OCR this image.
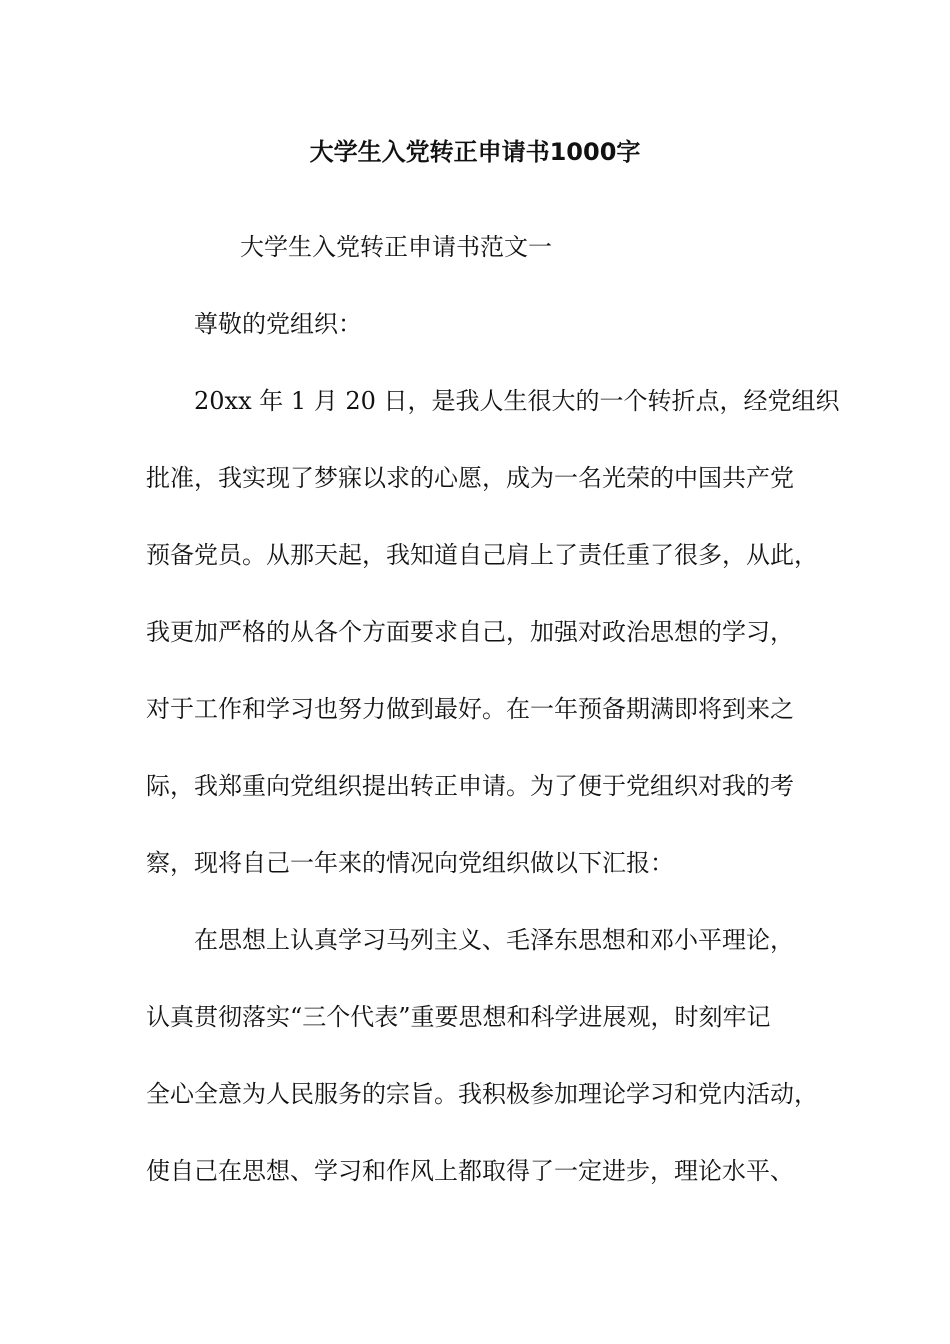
大学生入党转正申请书1000字
大学生入党转正申请书范文一
尊敬的党组织：
20xx 年 1 月 20 日，是我人生很大的一个转折点，经党组织
批准，我实现了梦寐以求的心愿，成为一名光荣的中国共产党
预备党员。从那天起，我知道自己肩上了责任重了很多，从此，
我更加严格的从各个方面要求自己，加强对政治思想的学习，
对于工作和学习也努力做到最好。在一年预备期满即将到来之
际，我郑重向党组织提出转正申请。为了便于党组织对我的考
察，现将自己一年来的情况向党组织做以下汇报：
在思想上认真学习马列主义、毛泽东思想和邓小平理论，
认真贯彻落实“三个代表”重要思想和科学进展观，时刻牢记
全心全意为人民服务的宗旨。我积极参加理论学习和党内活动，
使自己在思想、学习和作风上都取得了一定进步，理论水平、
